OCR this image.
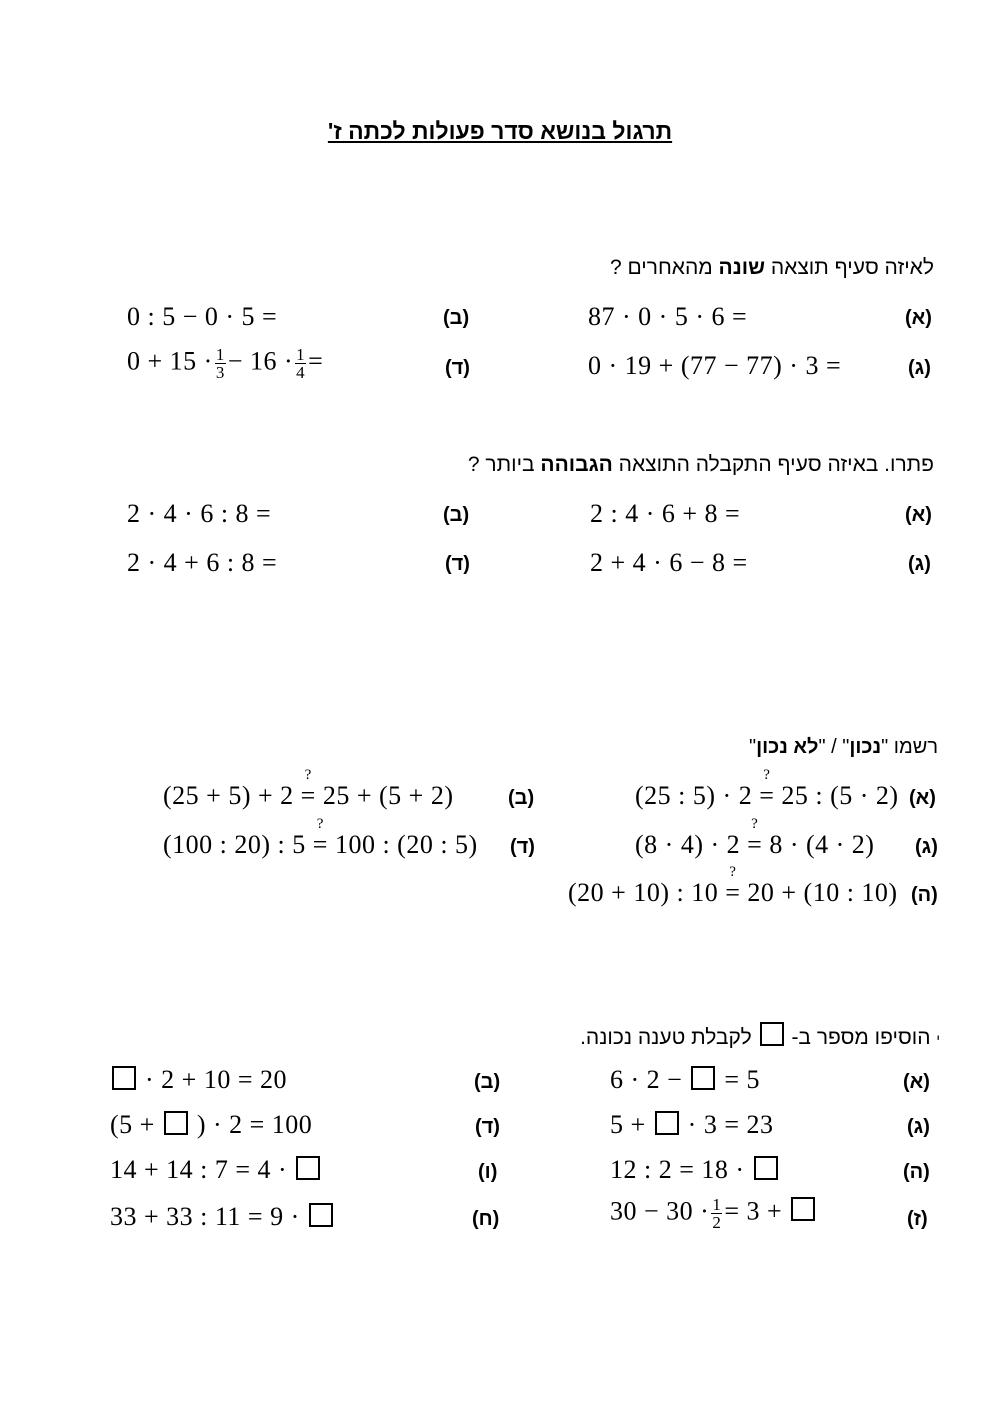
תרגול בנושא סדר פעולות לכתה ז'
לאיזה סעיף תוצאה שונה מהאחרים ?
(א)
87 · 0 · 5 · 6 =
(ב)
0 : 5 − 0 · 5 =
(ג)
0 · 19 + (77 − 77) · 3 =
(ד)
$0 + 15 \cdot \frac{1}{3} - 16 \cdot \frac{1}{4}$ =
פתרו. באיזה סעיף התקבלה התוצאה הגבוהה ביותר ?
(א)
2 : 4 · 6 + 8 =
(ב)
2 · 4 · 6 : 8 =
(ג)
2 + 4 · 6 − 8 =
(ד)
2 · 4 + 6 : 8 =
רשמו "נכון" / "לא נכון"
(א)
(25 : 5) · 2
?
= 25 : (5 · 2)
(ב)
(25 + 5) + 2
?
= 25 + (5 + 2)
(ג)
(8 · 4) · 2
?
= 8 · (4 · 2)
(ד)
(100 : 20) : 5
?
= 100 : (20 : 5)
(ה)
(20 + 10) : 10
?
= 20 + (10 : 10)
י הוסיפו מספר ב-  לקבלת טענה נכונה.
(א)
6 · 2 −  = 5
(ב)
· 2 + 10 = 20
(ג)
5 +  · 3 = 23
(ד)
(5 +  ) · 2 = 100
(ה)
12 : 2 = 18 ·
(ו)
14 + 14 : 7 = 4 ·
(ז)
$30 - 30 \cdot \frac{1}{2} = 3$ +
(ח)
33 + 33 : 11 = 9 ·
